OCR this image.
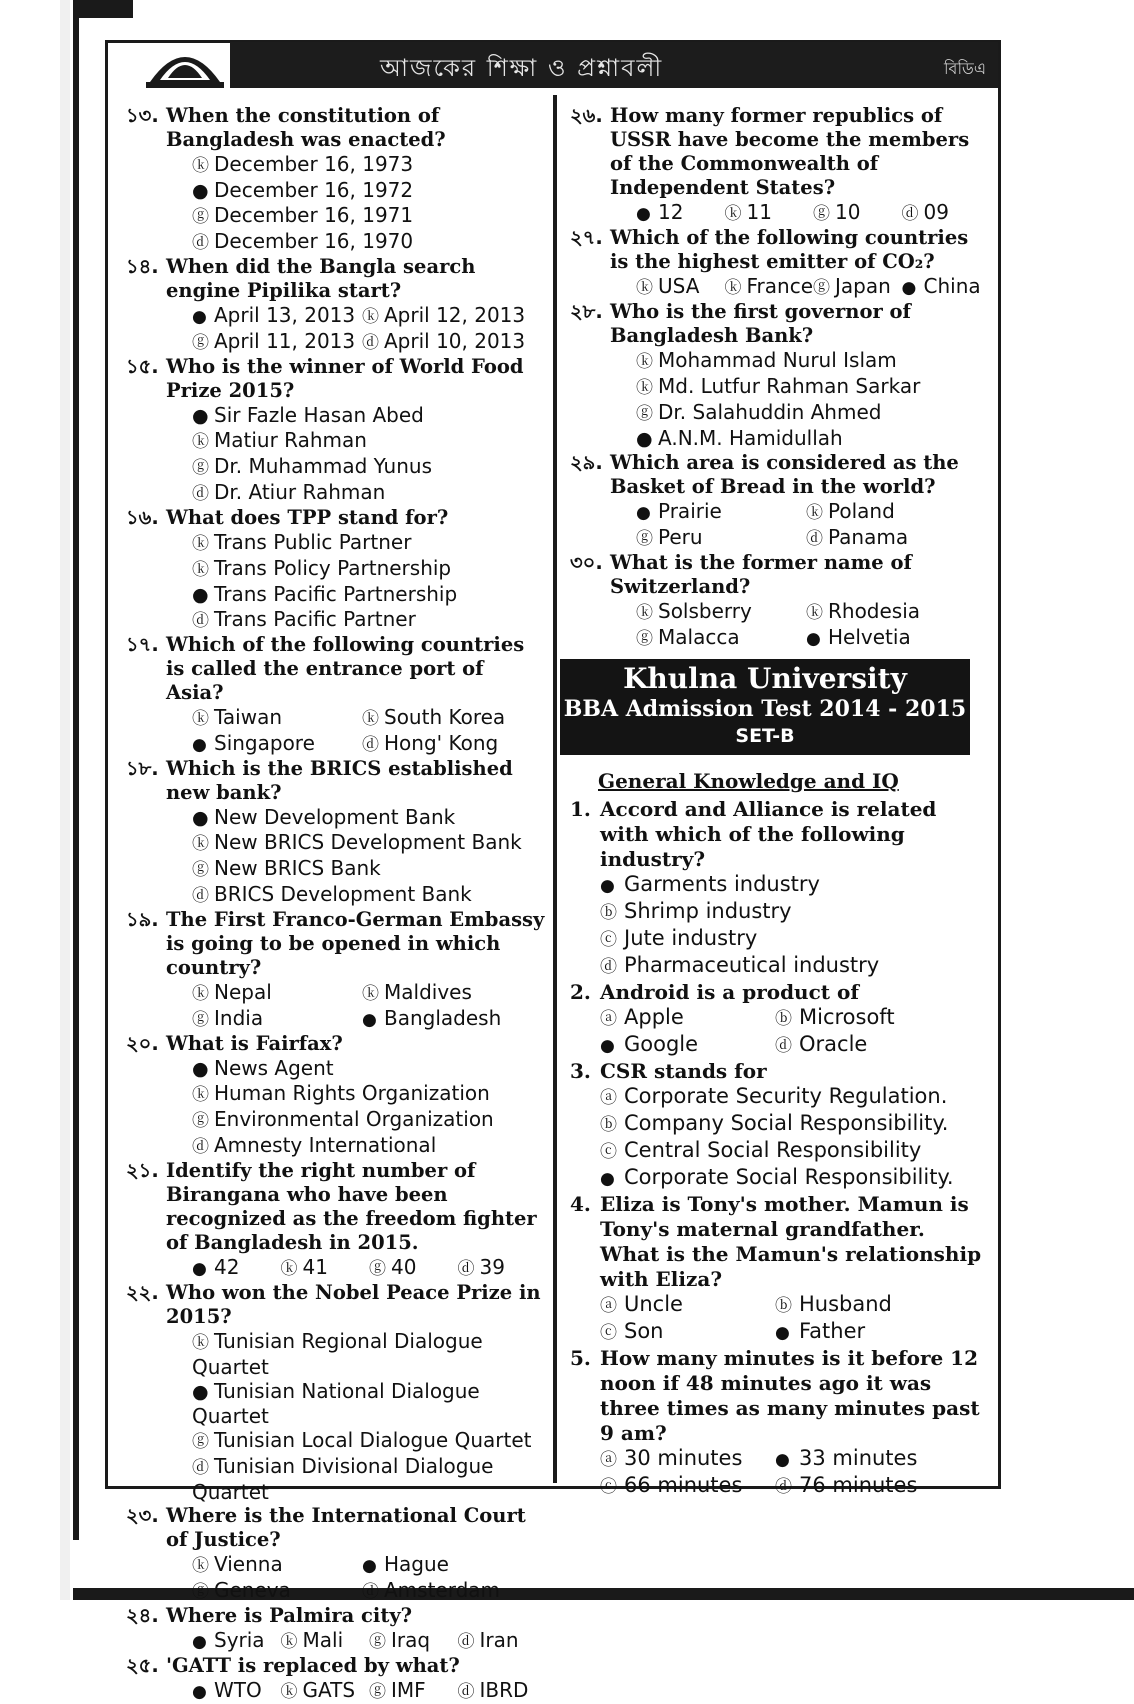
আজকের শিক্ষা ও প্রশ্নাবলী	বিডিএ
১৩. When the constitution of Bangladesh was enacted?
ⓚ December 16, 1973
● December 16, 1972
ⓖ December 16, 1971
ⓓ December 16, 1970
১৪. When did the Bangla search engine Pipilika start?
● April 13, 2013 ⓚ April 12, 2013
ⓖ April 11, 2013 ⓓ April 10, 2013
১৫. Who is the winner of World Food Prize 2015?
● Sir Fazle Hasan Abed
ⓚ Matiur Rahman
ⓖ Dr. Muhammad Yunus
ⓓ Dr. Atiur Rahman
১৬. What does TPP stand for?
ⓚ Trans Public Partner
ⓚ Trans Policy Partnership
● Trans Pacific Partnership
ⓓ Trans Pacific Partner
১৭. Which of the following countries is called the entrance port of Asia?
ⓚ Taiwan	ⓚ South Korea
● Singapore	ⓓ Hong' Kong
১৮. Which is the BRICS established new bank?
● New Development Bank
ⓚ New BRICS Development Bank
ⓖ New BRICS Bank
ⓓ BRICS Development Bank
১৯. The First Franco-German Embassy is going to be opened in which country?
ⓚ Nepal	ⓚ Maldives
ⓖ India	● Bangladesh
২০. What is Fairfax?
● News Agent
ⓚ Human Rights Organization
ⓖ Environmental Organization
ⓓ Amnesty International
২১. Identify the right number of Birangana who have been recognized as the freedom fighter of Bangladesh in 2015.
● 42	ⓚ 41	ⓖ 40	ⓓ 39
২২. Who won the Nobel Peace Prize in 2015?
ⓚ Tunisian Regional Dialogue Quartet
● Tunisian National Dialogue Quartet
ⓖ Tunisian Local Dialogue Quartet
ⓓ Tunisian Divisional Dialogue Quartet
২৩. Where is the International Court of Justice?
ⓚ Vienna	● Hague
ⓖ Geneva	ⓓ Amsterdam
২৪. Where is Palmira city?
● Syria ⓚ Mali	ⓖ Iraq	ⓓ Iran
২৫. 'GATT is replaced by what?
● WTO	ⓚ GATS ⓖ IMF	ⓓ IBRD
২৬. How many former republics of USSR have become the members of the Commonwealth of Independent States?
● 12	ⓚ 11	ⓖ 10	ⓓ 09
২৭. Which of the following countries is the highest emitter of CO₂?
ⓚ USA	ⓚ France ⓖ Japan ● China
২৮. Who is the first governor of Bangladesh Bank?
ⓚ Mohammad Nurul Islam
ⓚ Md. Lutfur Rahman Sarkar
ⓖ Dr. Salahuddin Ahmed
● A.N.M. Hamidullah
২৯. Which area is considered as the Basket of Bread in the world?
● Prairie	ⓚ Poland
ⓖ Peru	ⓓ Panama
৩০. What is the former name of Switzerland?
ⓚ Solsberry	ⓚ Rhodesia
ⓖ Malacca	● Helvetia
Khulna University
BBA Admission Test 2014 - 2015
SET-B
General Knowledge and IQ
1. Accord and Alliance is related with which of the following industry?
● Garments industry
ⓑ Shrimp industry
ⓒ Jute industry
ⓓ Pharmaceutical industry
2. Android is a product of
ⓐ Apple	ⓑ Microsoft
● Google	ⓓ Oracle
3. CSR stands for
ⓐ Corporate Security Regulation.
ⓑ Company Social Responsibility.
ⓒ Central Social Responsibility
● Corporate Social Responsibility.
4. Eliza is Tony's mother. Mamun is Tony's maternal grandfather. What is the Mamun's relationship with Eliza?
ⓐ Uncle	ⓑ Husband
ⓒ Son	● Father
5. How many minutes is it before 12 noon if 48 minutes ago it was three times as many minutes past 9 am?
ⓐ 30 minutes	● 33 minutes
ⓒ 66 minutes	ⓓ 76 minutes
